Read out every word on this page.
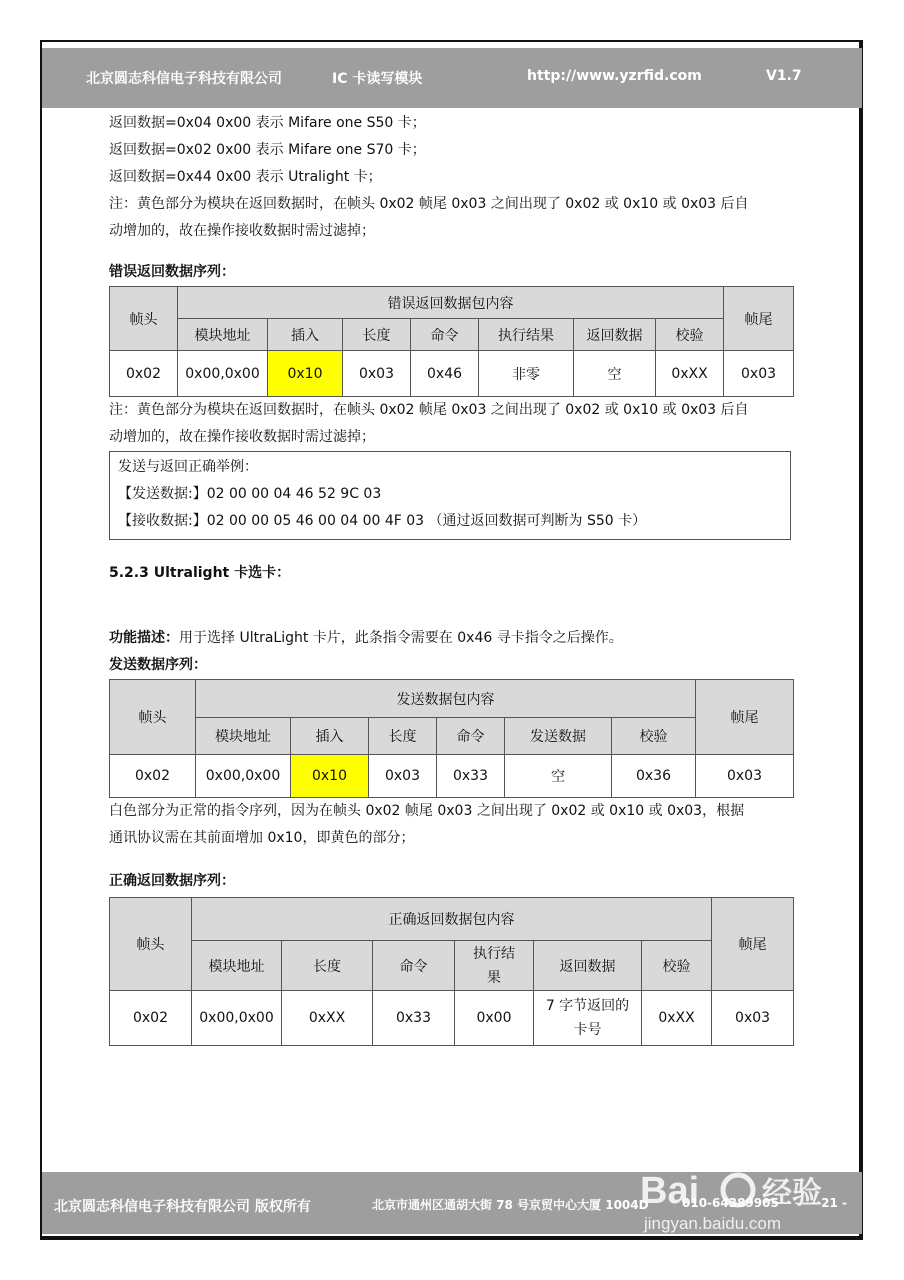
北京圆志科信电子科技有限公司	IC 卡读写模块	http://www.yzrfid.com	V1.7
返回数据=0x04 0x00 表示 Mifare one S50 卡；
返回数据=0x02 0x00 表示 Mifare one S70 卡；
返回数据=0x44 0x00 表示 Utralight 卡；
注：黄色部分为模块在返回数据时，在帧头 0x02 帧尾 0x03 之间出现了 0x02 或 0x10 或 0x03 后自
动增加的，故在操作接收数据时需过滤掉；
错误返回数据序列：
帧头	错误返回数据包内容							帧尾
	模块地址	插入	长度	命令	执行结果	返回数据	校验	
0x02	0x00,0x00	0x10	0x03	0x46	非零	空	0xXX	0x03
注：黄色部分为模块在返回数据时，在帧头 0x02 帧尾 0x03 之间出现了 0x02 或 0x10 或 0x03 后自
动增加的，故在操作接收数据时需过滤掉；
发送与返回正确举例：
【发送数据:】02 00 00 04 46 52 9C 03
【接收数据:】02 00 00 05 46 00 04 00 4F 03 （通过返回数据可判断为 S50 卡）
5.2.3 Ultralight 卡选卡：
功能描述：用于选择 UltraLight 卡片，此条指令需要在 0x46 寻卡指令之后操作。
发送数据序列：
帧头	发送数据包内容						帧尾
	模块地址	插入	长度	命令	发送数据	校验	
0x02	0x00,0x00	0x10	0x03	0x33	空	0x36	0x03
白色部分为正常的指令序列，因为在帧头 0x02 帧尾 0x03 之间出现了 0x02 或 0x10 或 0x03，根据
通讯协议需在其前面增加 0x10，即黄色的部分；
正确返回数据序列：
帧头	正确返回数据包内容						帧尾
	模块地址	长度	命令	执行结
果	返回数据	校验	
0x02	0x00,0x00	0xXX	0x33	0x00	7 字节返回的
卡号	0xXX	0x03
北京圆志科信电子科技有限公司 版权所有	北京市通州区通胡大街 78 号京贸中心大厦 1004D	010-64389905	- 21 -
Bai 经验
jingyan.baidu.com
